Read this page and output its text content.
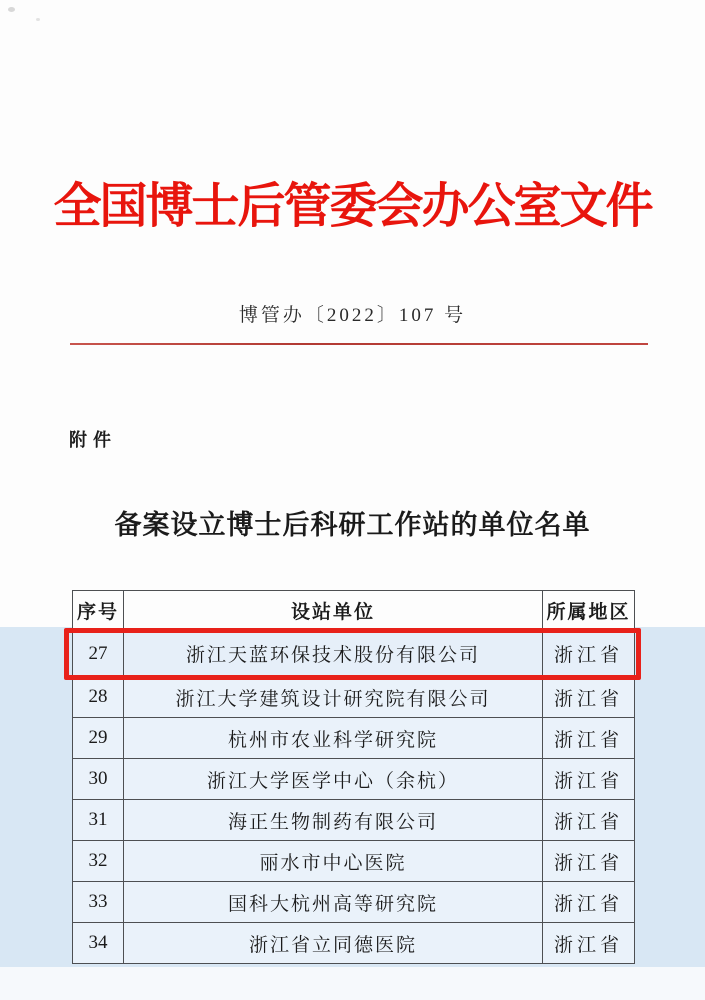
全国博士后管委会办公室文件
博管办〔2022〕107 号
附件
备案设立博士后科研工作站的单位名单
序号	设站单位	所属地区
27	浙江天蓝环保技术股份有限公司	浙江省
28	浙江大学建筑设计研究院有限公司	浙江省
29	杭州市农业科学研究院	浙江省
30	浙江大学医学中心（余杭）	浙江省
31	海正生物制药有限公司	浙江省
32	丽水市中心医院	浙江省
33	国科大杭州高等研究院	浙江省
34	浙江省立同德医院	浙江省
